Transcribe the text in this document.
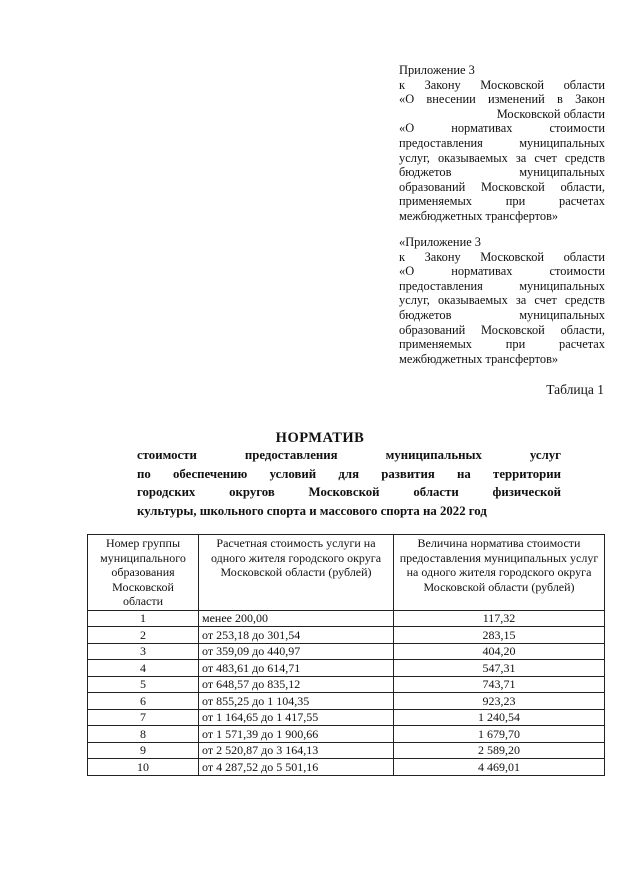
Приложение 3
к Закону Московской области
«О внесении изменений в Закон
Московской области
«О нормативах стоимости
предоставления муниципальных
услуг, оказываемых за счет средств
бюджетов муниципальных
образований Московской области,
применяемых при расчетах
межбюджетных трансфертов»
«Приложение 3
к Закону Московской области
«О нормативах стоимости
предоставления муниципальных
услуг, оказываемых за счет средств
бюджетов муниципальных
образований Московской области,
применяемых при расчетах
межбюджетных трансфертов»
Таблица 1
НОРМАТИВ
стоимости предоставления муниципальных услуг
по обеспечению условий для развития на территории
городских округов Московской области физической
культуры, школьного спорта и массового спорта на 2022 год
Номер группы муниципального образования Московской области	Расчетная стоимость услуги на одного жителя городского округа Московской области (рублей)	Величина норматива стоимости предоставления муниципальных услуг на одного жителя городского округа Московской области (рублей)
1	менее 200,00	117,32
2	от 253,18 до 301,54	283,15
3	от 359,09 до 440,97	404,20
4	от 483,61 до 614,71	547,31
5	от 648,57 до 835,12	743,71
6	от 855,25 до 1 104,35	923,23
7	от 1 164,65 до 1 417,55	1 240,54
8	от 1 571,39 до 1 900,66	1 679,70
9	от 2 520,87 до 3 164,13	2 589,20
10	от 4 287,52 до 5 501,16	4 469,01
